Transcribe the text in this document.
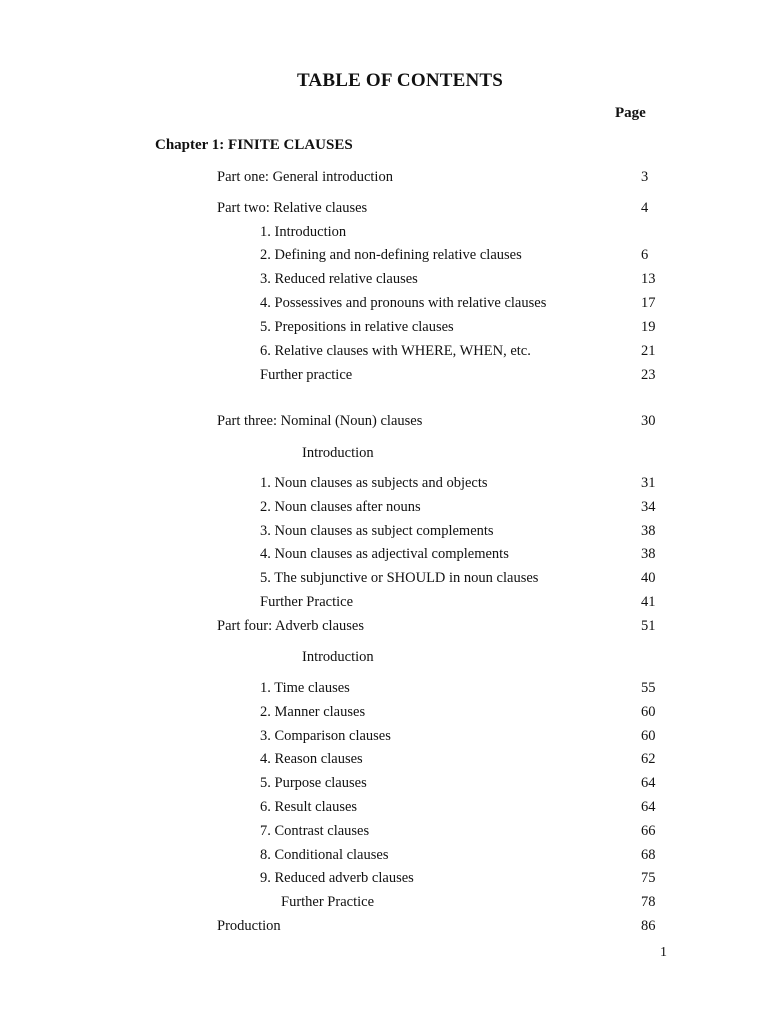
TABLE OF CONTENTS
Page
Chapter 1: FINITE CLAUSES
Part one: General introduction	3
Part two: Relative clauses	4
1. Introduction
2. Defining and non-defining relative clauses	6
3. Reduced relative clauses	13
4. Possessives and pronouns with relative clauses	17
5. Prepositions in relative clauses	19
6. Relative clauses with WHERE, WHEN, etc.	21
Further practice	23
Part three: Nominal (Noun) clauses	30
Introduction
1. Noun clauses as subjects and objects	31
2. Noun clauses after nouns	34
3. Noun clauses as subject complements	38
4. Noun clauses as adjectival complements	38
5. The subjunctive or SHOULD in noun clauses	40
Further Practice	41
Part four: Adverb clauses	51
Introduction
1. Time clauses	55
2. Manner clauses	60
3. Comparison clauses	60
4. Reason clauses	62
5. Purpose clauses	64
6. Result clauses	64
7. Contrast clauses	66
8. Conditional clauses	68
9. Reduced adverb clauses	75
Further Practice	78
Production	86
1
